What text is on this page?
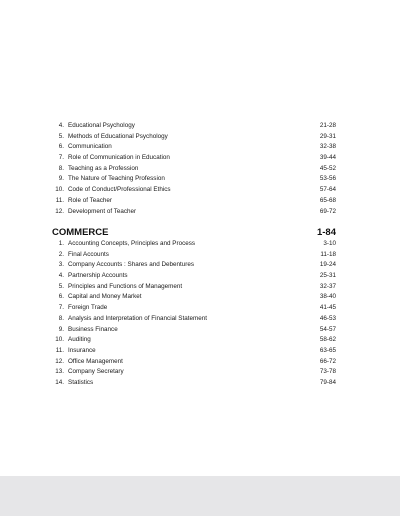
4. Educational Psychology	21-28
5. Methods of Educational Psychology	29-31
6. Communication	32-38
7. Role of Communication in Education	39-44
8. Teaching as a Profession	45-52
9. The Nature of Teaching Profession	53-56
10. Code of Conduct/Professional Ethics	57-64
11. Role of Teacher	65-68
12. Development of Teacher	69-72
COMMERCE	1-84
1. Accounting Concepts, Principles and Process	3-10
2. Final Accounts	11-18
3. Company Accounts : Shares and Debentures	19-24
4. Partnership Accounts	25-31
5. Principles and Functions of Management	32-37
6. Capital and Money Market	38-40
7. Foreign Trade	41-45
8. Analysis and Interpretation of Financial Statement	46-53
9. Business Finance	54-57
10. Auditing	58-62
11. Insurance	63-65
12. Office Management	66-72
13. Company Secretary	73-78
14. Statistics	79-84
